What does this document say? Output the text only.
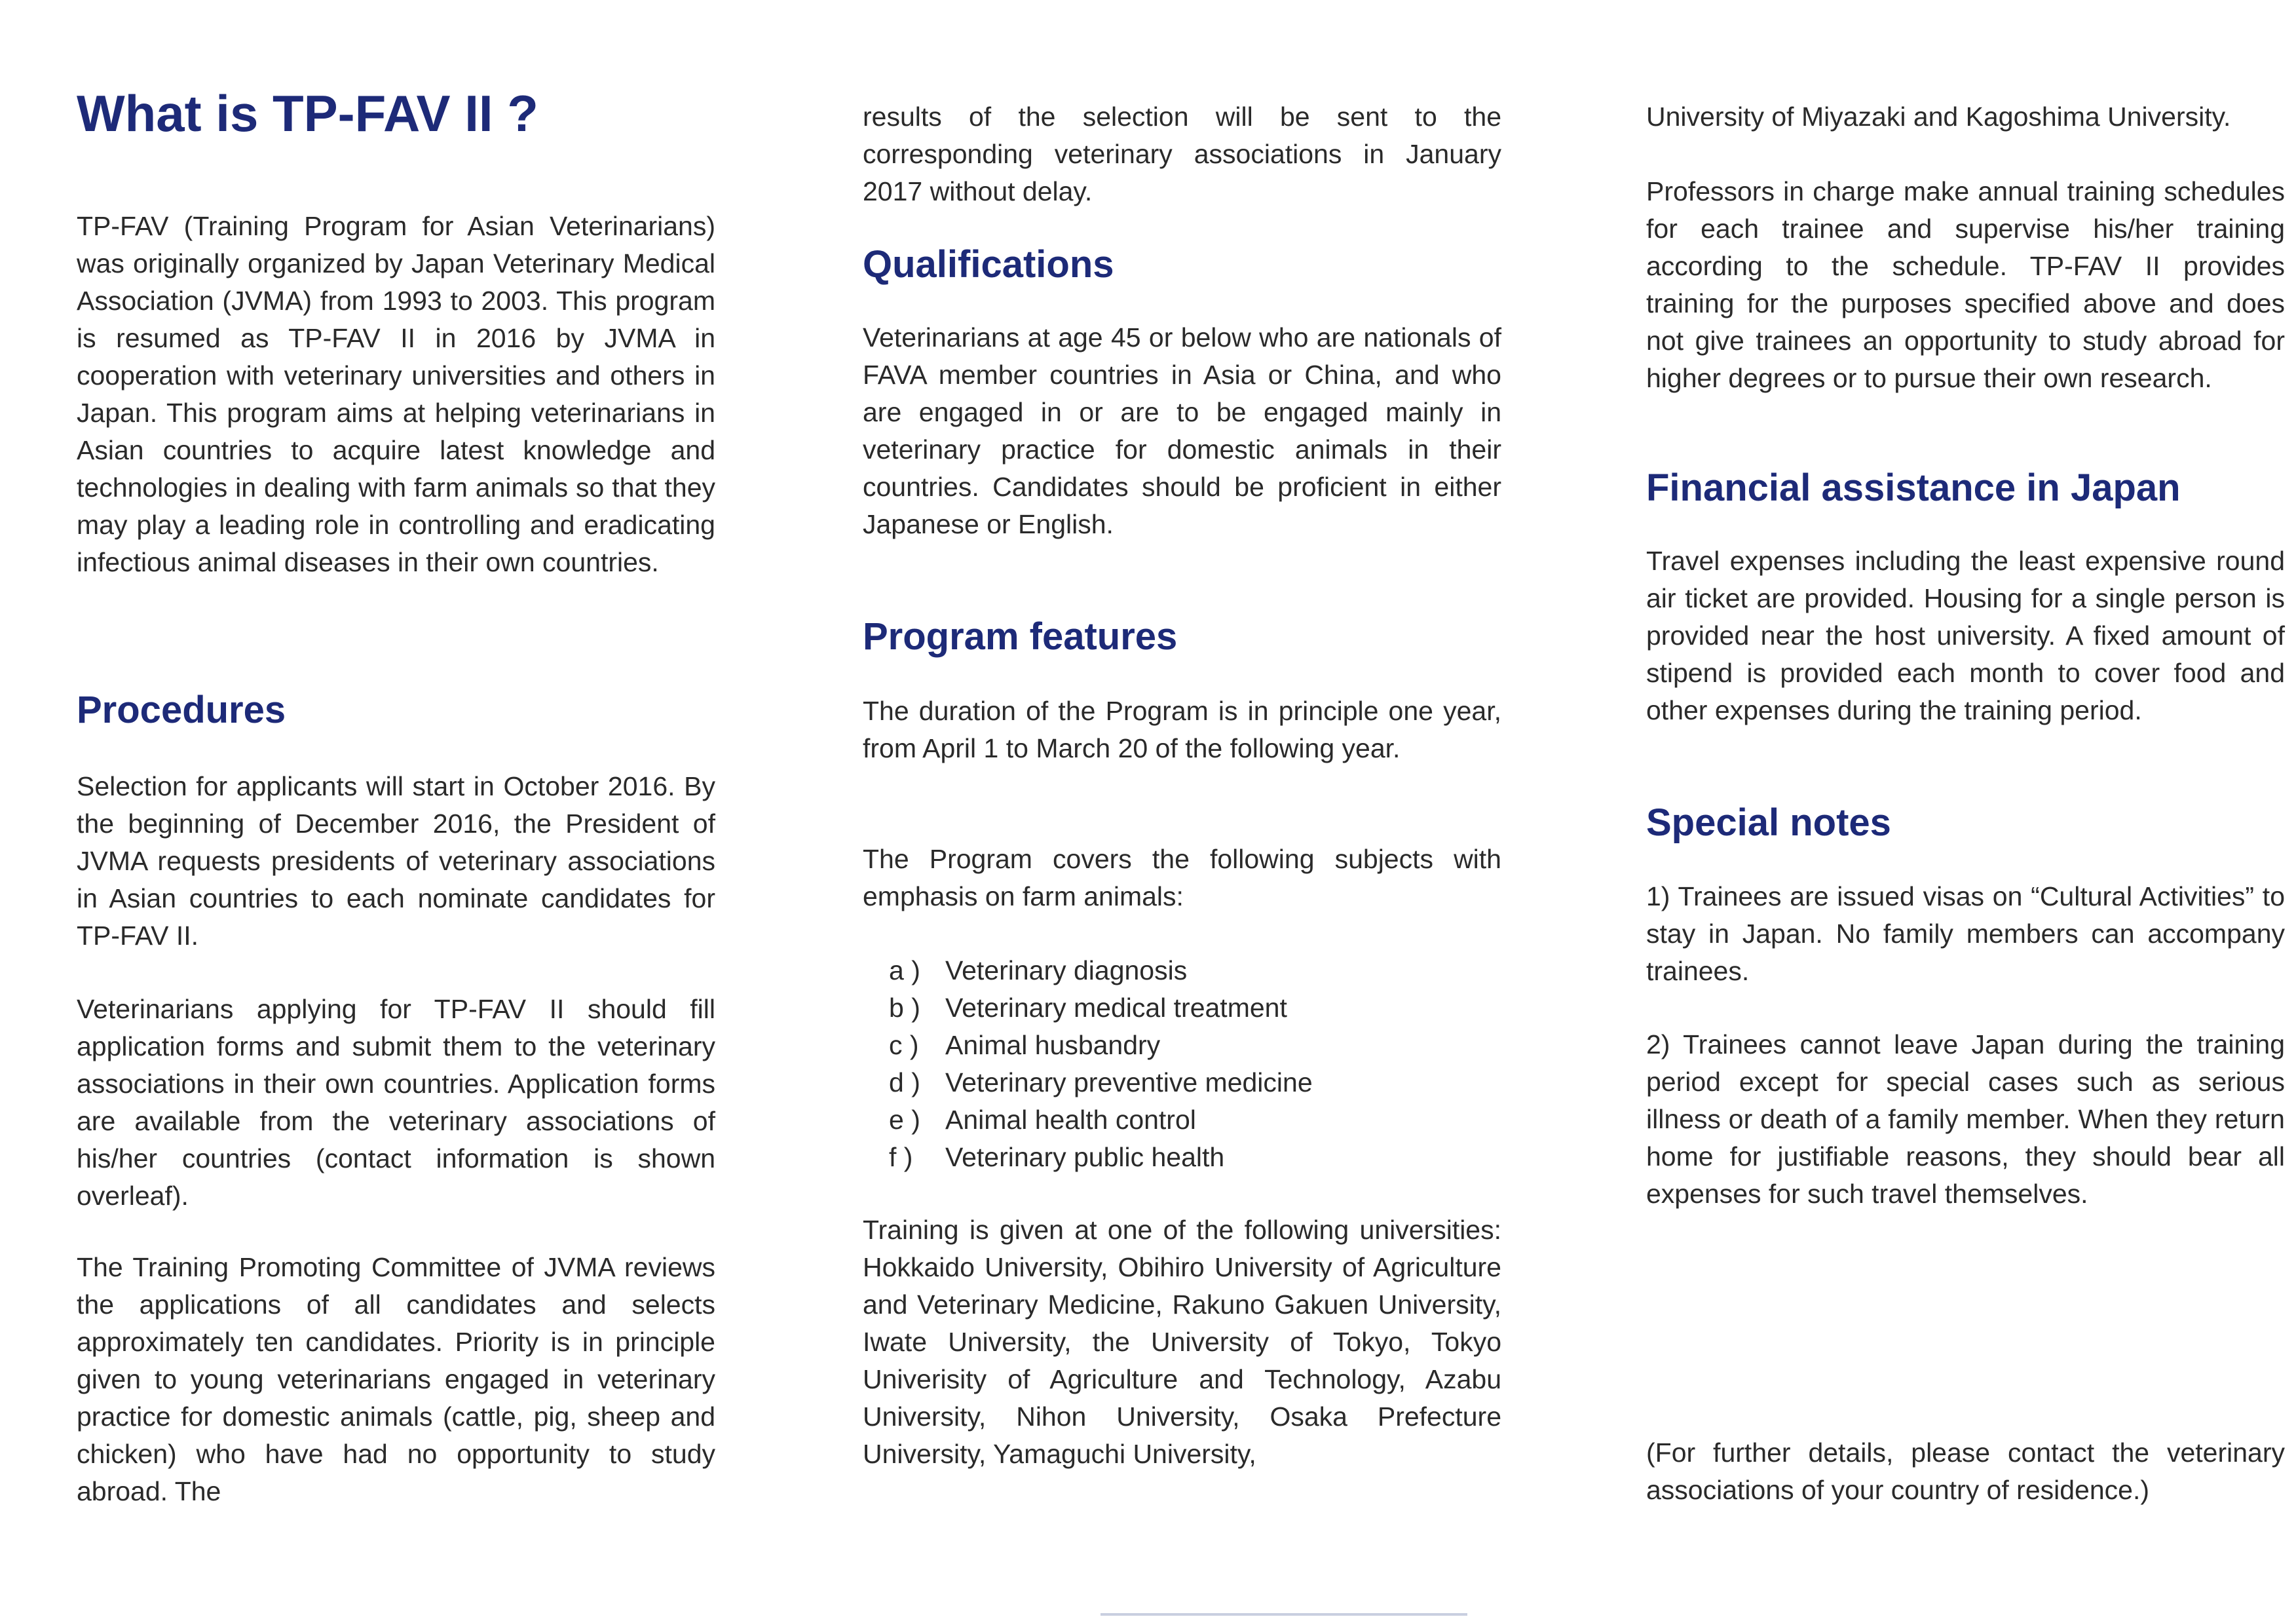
What is TP-FAV II ?

TP-FAV (Training Program for Asian Veterinarians) was originally organized by Japan Veterinary Medical Association (JVMA) from 1993 to 2003. This program is resumed as TP-FAV II in 2016 by JVMA in cooperation with veterinary universities and others in Japan. This program aims at helping veterinarians in Asian countries to acquire latest knowledge and technologies in dealing with farm animals so that they may play a leading role in controlling and eradicating infectious animal diseases in their own countries.

Procedures

Selection for applicants will start in October 2016. By the beginning of December 2016, the President of JVMA requests presidents of veterinary associations in Asian countries to each nominate candidates for TP-FAV II.

Veterinarians applying for TP-FAV II should fill application forms and submit them to the veterinary associations in their own countries. Application forms are available from the veterinary associations of his/her countries (contact information is shown overleaf).

The Training Promoting Committee of JVMA reviews the applications of all candidates and selects approximately ten candidates. Priority is in principle given to young veterinarians engaged in veterinary practice for domestic animals (cattle, pig, sheep and chicken) who have had no opportunity to study abroad. The

results of the selection will be sent to the corresponding veterinary associations in January 2017 without delay.

Qualifications

Veterinarians at age 45 or below who are nationals of FAVA member countries in Asia or China, and who are engaged in or are to be engaged mainly in veterinary practice for domestic animals in their countries. Candidates should be proficient in either Japanese or English.

Program features

The duration of the Program is in principle one year, from April 1 to March 20 of the following year.

The Program covers the following subjects with emphasis on farm animals:

a ) Veterinary diagnosis
b ) Veterinary medical treatment
c ) Animal husbandry
d ) Veterinary preventive medicine
e ) Animal health control
f ) Veterinary public health

Training is given at one of the following universities: Hokkaido University, Obihiro University of Agriculture and Veterinary Medicine, Rakuno Gakuen University, Iwate University, the University of Tokyo, Tokyo Univerisity of Agriculture and Technology, Azabu University, Nihon University, Osaka Prefecture University, Yamaguchi University,

University of Miyazaki and Kagoshima University.

Professors in charge make annual training schedules for each trainee and supervise his/her training according to the schedule. TP-FAV II provides training for the purposes specified above and does not give trainees an opportunity to study abroad for higher degrees or to pursue their own research.

Financial assistance in Japan

Travel expenses including the least expensive round air ticket are provided. Housing for a single person is provided near the host university. A fixed amount of stipend is provided each month to cover food and other expenses during the training period.

Special notes

1) Trainees are issued visas on “Cultural Activities” to stay in Japan. No family members can accompany trainees.

2) Trainees cannot leave Japan during the training period except for special cases such as serious illness or death of a family member. When they return home for justifiable reasons, they should bear all expenses for such travel themselves.

(For further details, please contact the veterinary associations of your country of residence.)
